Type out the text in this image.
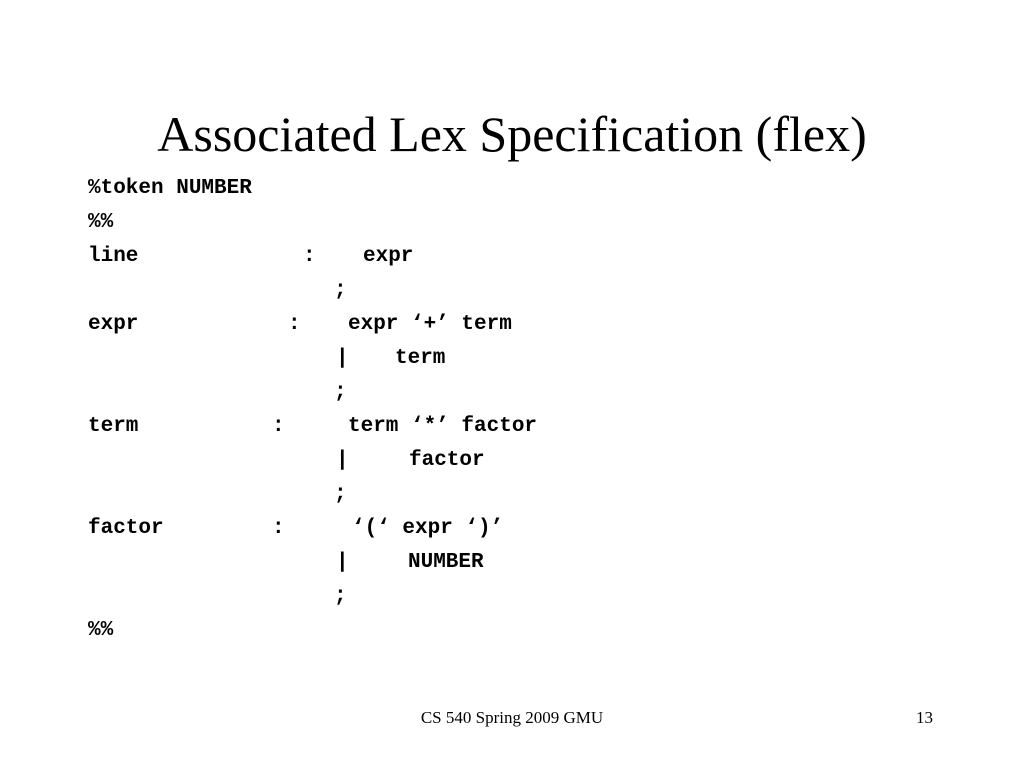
Associated Lex Specification (flex)
%token NUMBER
%%
line	: expr
;
expr	: expr ‘+’ term
| term
;
term	:	term ‘*’ factor
|	factor
;
factor	:	‘(‘ expr ‘)’
|	NUMBER
;
%%
CS 540 Spring 2009 GMU	13
